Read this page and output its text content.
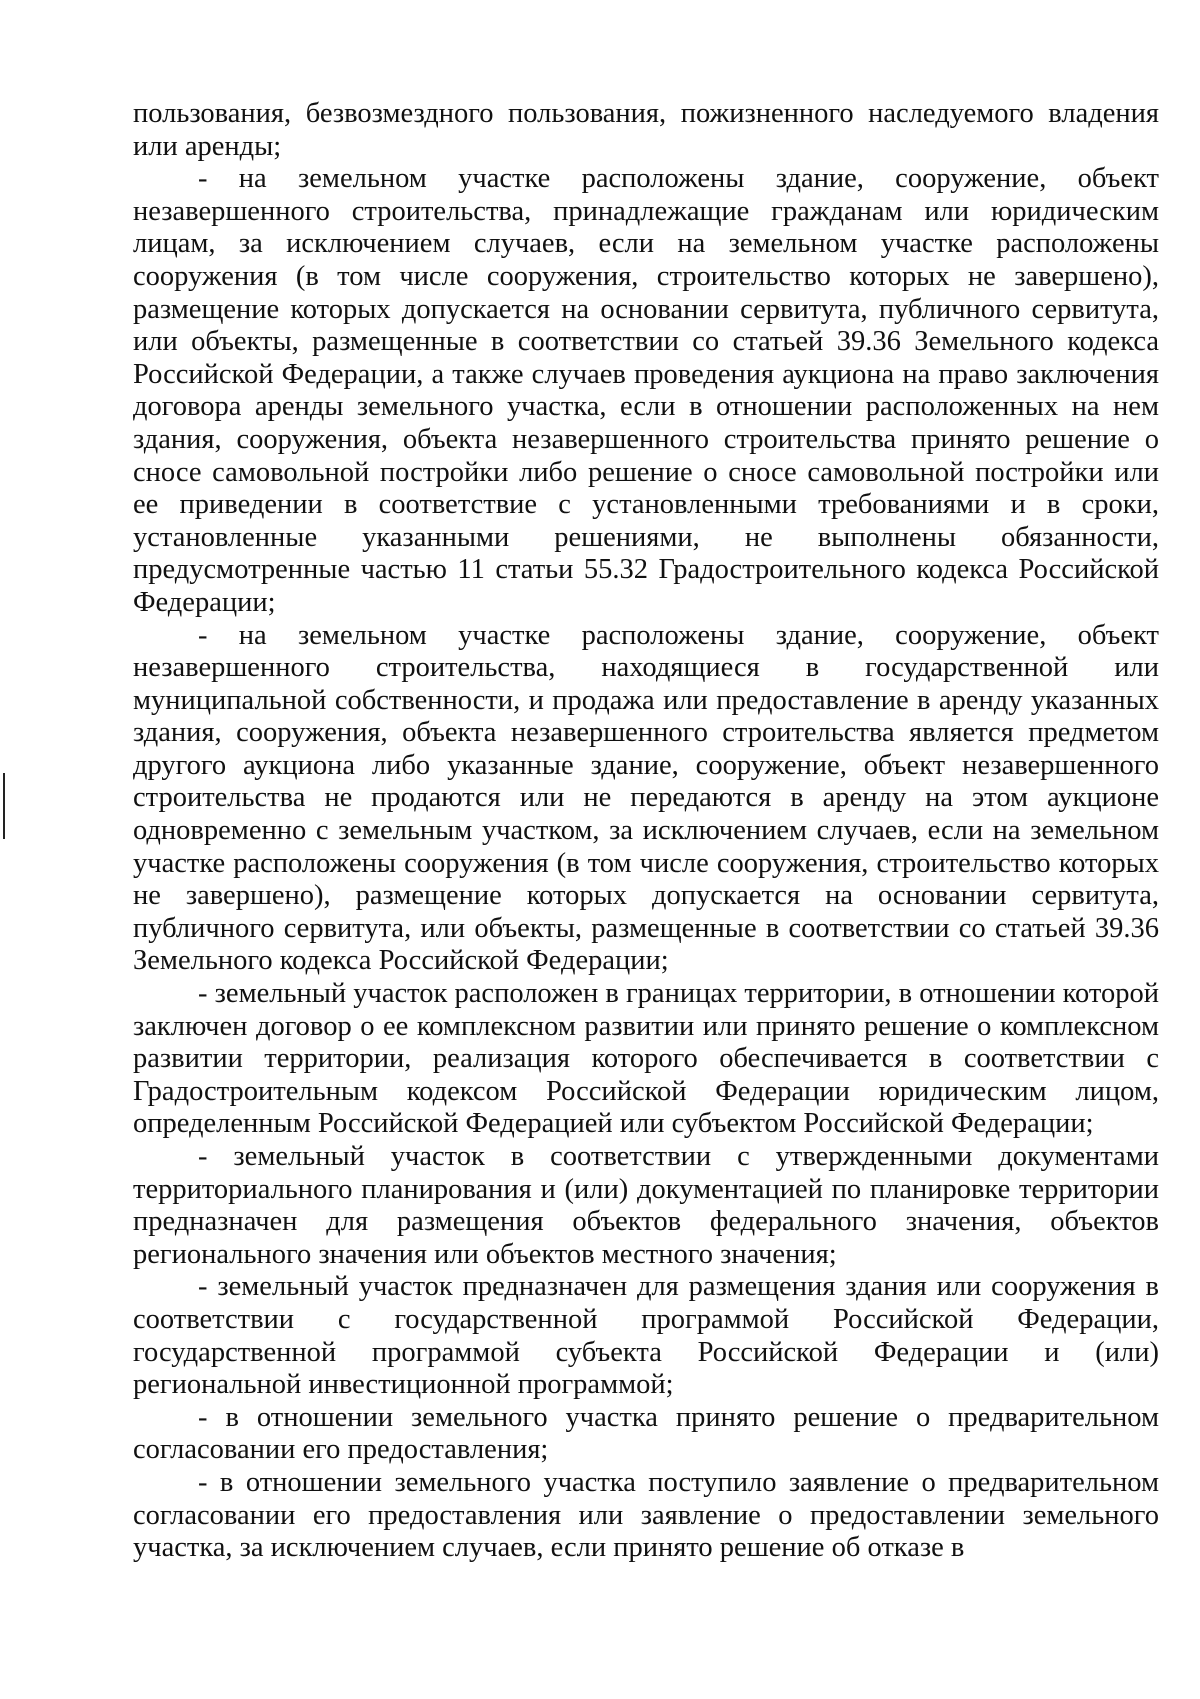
пользования, безвозмездного пользования, пожизненного наследуемого владения или аренды;

- на земельном участке расположены здание, сооружение, объект незавершенного строительства, принадлежащие гражданам или юридическим лицам, за исключением случаев, если на земельном участке расположены сооружения (в том числе сооружения, строительство которых не завершено), размещение которых допускается на основании сервитута, публичного сервитута, или объекты, размещенные в соответствии со статьей 39.36 Земельного кодекса Российской Федерации, а также случаев проведения аукциона на право заключения договора аренды земельного участка, если в отношении расположенных на нем здания, сооружения, объекта незавершенного строительства принято решение о сносе самовольной постройки либо решение о сносе самовольной постройки или ее приведении в соответствие с установленными требованиями и в сроки, установленные указанными решениями, не выполнены обязанности, предусмотренные частью 11 статьи 55.32 Градостроительного кодекса Российской Федерации;

- на земельном участке расположены здание, сооружение, объект незавершенного строительства, находящиеся в государственной или муниципальной собственности, и продажа или предоставление в аренду указанных здания, сооружения, объекта незавершенного строительства является предметом другого аукциона либо указанные здание, сооружение, объект незавершенного строительства не продаются или не передаются в аренду на этом аукционе одновременно с земельным участком, за исключением случаев, если на земельном участке расположены сооружения (в том числе сооружения, строительство которых не завершено), размещение которых допускается на основании сервитута, публичного сервитута, или объекты, размещенные в соответствии со статьей 39.36 Земельного кодекса Российской Федерации;

- земельный участок расположен в границах территории, в отношении которой заключен договор о ее комплексном развитии или принято решение о комплексном развитии территории, реализация которого обеспечивается в соответствии с Градостроительным кодексом Российской Федерации юридическим лицом, определенным Российской Федерацией или субъектом Российской Федерации;

- земельный участок в соответствии с утвержденными документами территориального планирования и (или) документацией по планировке территории предназначен для размещения объектов федерального значения, объектов регионального значения или объектов местного значения;

- земельный участок предназначен для размещения здания или сооружения в соответствии с государственной программой Российской Федерации, государственной программой субъекта Российской Федерации и (или) региональной инвестиционной программой;

- в отношении земельного участка принято решение о предварительном согласовании его предоставления;

- в отношении земельного участка поступило заявление о предварительном согласовании его предоставления или заявление о предоставлении земельного участка, за исключением случаев, если принято решение об отказе в
